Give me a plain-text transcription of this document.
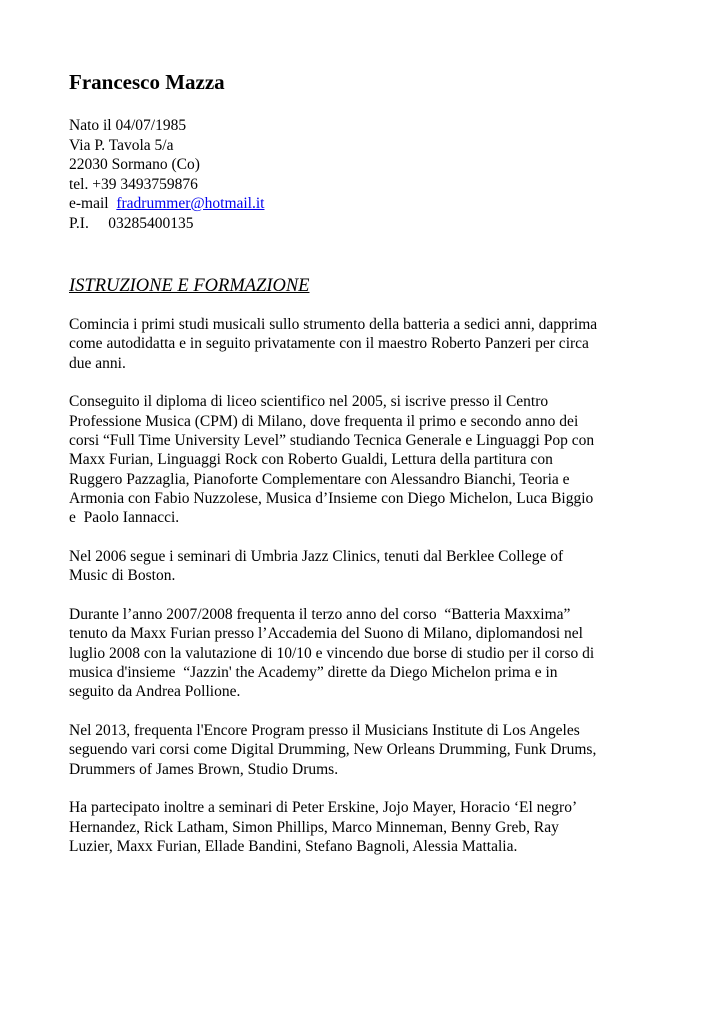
Francesco Mazza
Nato il 04/07/1985
Via P. Tavola 5/a
22030 Sormano (Co)
tel. +39 3493759876
e-mail  fradrummer@hotmail.it
P.I.     03285400135
ISTRUZIONE E FORMAZIONE

Comincia i primi studi musicali sullo strumento della batteria a sedici anni, dapprima
come autodidatta e in seguito privatamente con il maestro Roberto Panzeri per circa
due anni.

Conseguito il diploma di liceo scientifico nel 2005, si iscrive presso il Centro
Professione Musica (CPM) di Milano, dove frequenta il primo e secondo anno dei
corsi “Full Time University Level” studiando Tecnica Generale e Linguaggi Pop con
Maxx Furian, Linguaggi Rock con Roberto Gualdi, Lettura della partitura con
Ruggero Pazzaglia, Pianoforte Complementare con Alessandro Bianchi, Teoria e
Armonia con Fabio Nuzzolese, Musica d’Insieme con Diego Michelon, Luca Biggio
e  Paolo Iannacci.

Nel 2006 segue i seminari di Umbria Jazz Clinics, tenuti dal Berklee College of
Music di Boston.

Durante l’anno 2007/2008 frequenta il terzo anno del corso  “Batteria Maxxima”
tenuto da Maxx Furian presso l’Accademia del Suono di Milano, diplomandosi nel
luglio 2008 con la valutazione di 10/10 e vincendo due borse di studio per il corso di
musica d'insieme  “Jazzin' the Academy” dirette da Diego Michelon prima e in
seguito da Andrea Pollione.

Nel 2013, frequenta l'Encore Program presso il Musicians Institute di Los Angeles
seguendo vari corsi come Digital Drumming, New Orleans Drumming, Funk Drums,
Drummers of James Brown, Studio Drums.

Ha partecipato inoltre a seminari di Peter Erskine, Jojo Mayer, Horacio ‘El negro’
Hernandez, Rick Latham, Simon Phillips, Marco Minneman, Benny Greb, Ray
Luzier, Maxx Furian, Ellade Bandini, Stefano Bagnoli, Alessia Mattalia.
